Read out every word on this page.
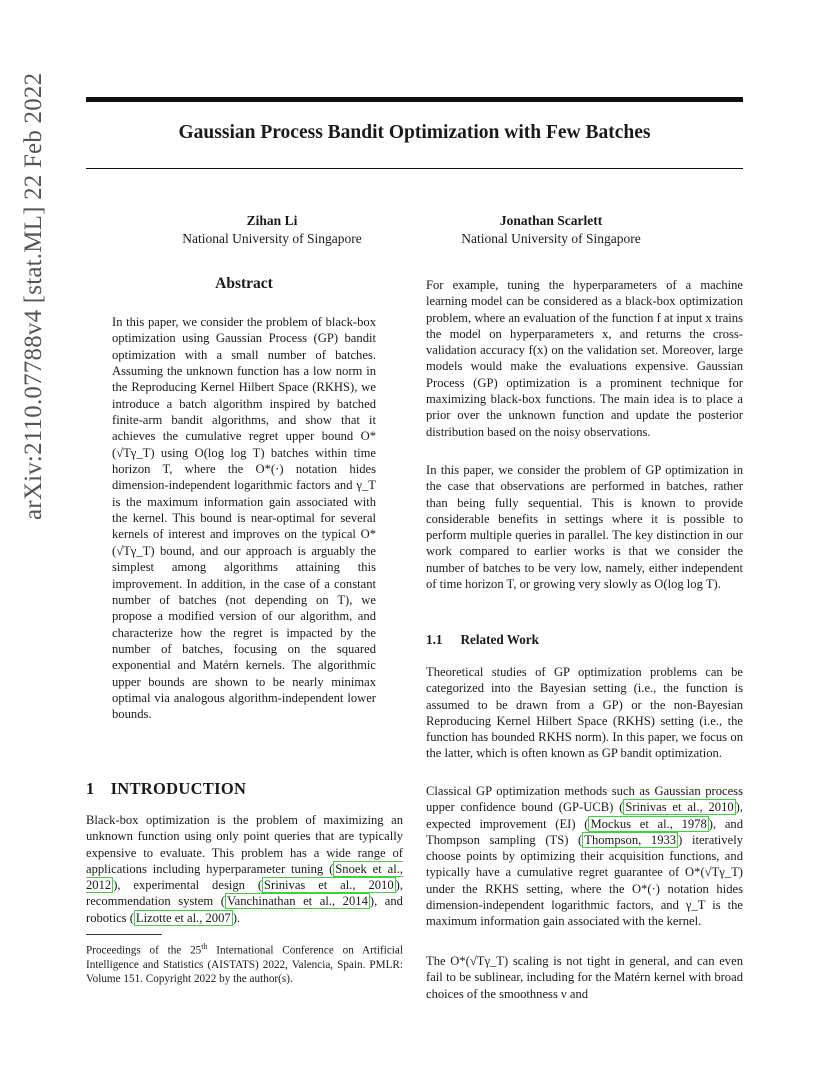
Gaussian Process Bandit Optimization with Few Batches
Zihan Li
National University of Singapore
Jonathan Scarlett
National University of Singapore
arXiv:2110.07788v4 [stat.ML] 22 Feb 2022	Abstract
In this paper, we consider the problem of black-box optimization using Gaussian Process (GP) bandit optimization with a small number of batches. Assuming the unknown function has a low norm in the Reproducing Kernel Hilbert Space (RKHS), we introduce a batch algorithm inspired by batched finite-arm bandit algorithms, and show that it achieves the cumulative regret upper bound O*(√Tγ_T) using O(log log T) batches within time horizon T, where the O*(·) notation hides dimension-independent logarithmic factors and γ_T is the maximum information gain associated with the kernel. This bound is near-optimal for several kernels of interest and improves on the typical O*(√Tγ_T) bound, and our approach is arguably the simplest among algorithms attaining this improvement. In addition, in the case of a constant number of batches (not depending on T), we propose a modified version of our algorithm, and characterize how the regret is impacted by the number of batches, focusing on the squared exponential and Matérn kernels. The algorithmic upper bounds are shown to be nearly minimax optimal via analogous algorithm-independent lower bounds.
1 INTRODUCTION
Black-box optimization is the problem of maximizing an unknown function using only point queries that are typically expensive to evaluate. This problem has a wide range of applications including hyperparameter tuning ( Snoek et al., 2012 ), experimental design ( Srinivas et al., 2010 ), recommendation system ( Vanchinathan et al., 2014 ), and robotics ( Lizotte et al., 2007 ).
Proceedings of the 25th International Conference on Artificial Intelligence and Statistics (AISTATS) 2022, Valencia, Spain. PMLR: Volume 151. Copyright 2022 by the author(s).
For example, tuning the hyperparameters of a machine learning model can be considered as a black-box optimization problem, where an evaluation of the function f at input x trains the model on hyperparameters x, and returns the cross-validation accuracy f(x) on the validation set. Moreover, large models would make the evaluations expensive. Gaussian Process (GP) optimization is a prominent technique for maximizing black-box functions. The main idea is to place a prior over the unknown function and update the posterior distribution based on the noisy observations.
In this paper, we consider the problem of GP optimization in the case that observations are performed in batches, rather than being fully sequential. This is known to provide considerable benefits in settings where it is possible to perform multiple queries in parallel. The key distinction in our work compared to earlier works is that we consider the number of batches to be very low, namely, either independent of time horizon T, or growing very slowly as O(log log T).
1.1 Related Work
Theoretical studies of GP optimization problems can be categorized into the Bayesian setting (i.e., the function is assumed to be drawn from a GP) or the non-Bayesian Reproducing Kernel Hilbert Space (RKHS) setting (i.e., the function has bounded RKHS norm). In this paper, we focus on the latter, which is often known as GP bandit optimization.
Classical GP optimization methods such as Gaussian process upper confidence bound (GP-UCB) ( Srinivas et al., 2010 ), expected improvement (EI) ( Mockus et al., 1978 ), and Thompson sampling (TS) ( Thompson, 1933 ) iteratively choose points by optimizing their acquisition functions, and typically have a cumulative regret guarantee of O*(√Tγ_T) under the RKHS setting, where the O*(·) notation hides dimension-independent logarithmic factors, and γ_T is the maximum information gain associated with the kernel.
The O*(√Tγ_T) scaling is not tight in general, and can even fail to be sublinear, including for the Matérn kernel with broad choices of the smoothness ν and
